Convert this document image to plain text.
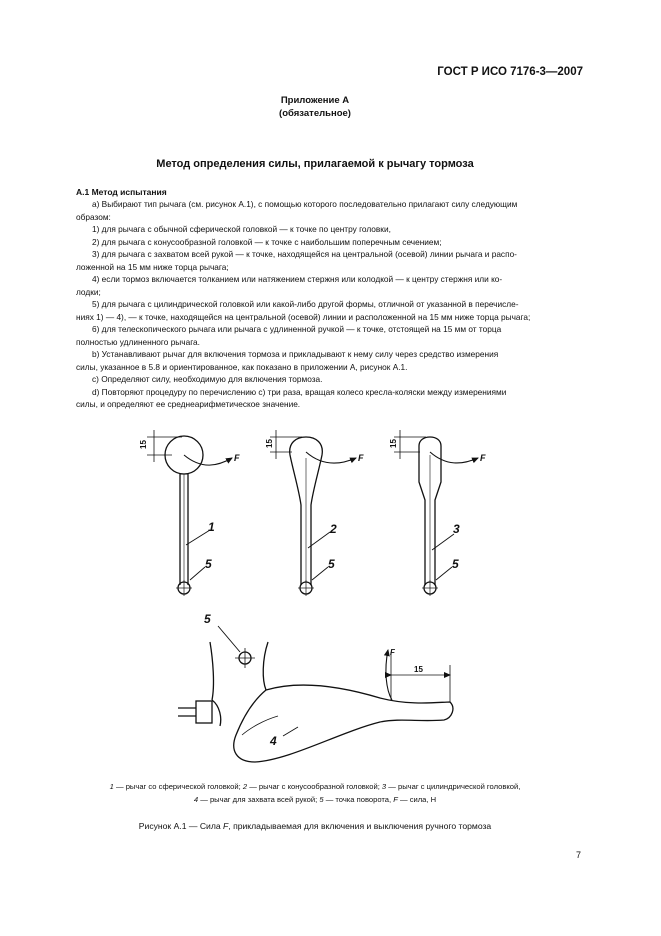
ГОСТ Р ИСО 7176-3—2007
Приложение А
(обязательное)
Метод определения силы, прилагаемой к рычагу тормоза
А.1 Метод испытания

а) Выбирают тип рычага (см. рисунок А.1), с помощью которого последовательно прилагают силу следующим

образом:

1) для рычага с обычной сферической головкой — к точке по центру головки,

2) для рычага с конусообразной головкой — к точке с наибольшим поперечным сечением;

3) для рычага с захватом всей рукой — к точке, находящейся на центральной (осевой) линии рычага и распо-

ложенной на 15 мм ниже торца рычага;

4) если тормоз включается толканием или натяжением стержня или колодкой — к центру стержня или ко-

лодки;

5) для рычага с цилиндрической головкой или какой-либо другой формы, отличной от указанной в перечисле-

ниях 1) — 4), — к точке, находящейся на центральной (осевой) линии и расположенной на 15 мм ниже торца рычага;

6) для телескопического рычага или рычага с удлиненной ручкой — к точке, отстоящей на 15 мм от торца

полностью удлиненного рычага.

b) Устанавливают рычаг для включения тормоза и прикладывают к нему силу через средство измерения

силы, указанное в 5.8 и ориентированное, как показано в приложении А, рисунок А.1.

с) Определяют силу, необходимую для включения тормоза.

d) Повторяют процедуру по перечислению с) три раза, вращая колесо кресла-коляски между измерениями

силы, и определяют ее среднеарифметическое значение.

15	15	15
15
F	F	F
F
1	2	3
4
5	5	5
5
1 — рычаг со сферической головкой; 2 — рычаг с конусообразной головкой; 3 — рычаг с цилиндрической головкой,
4 — рычаг для захвата всей рукой; 5 — точка поворота, F — сила, Н
Рисунок А.1 — Сила F, прикладываемая для включения и выключения ручного тормоза
7
